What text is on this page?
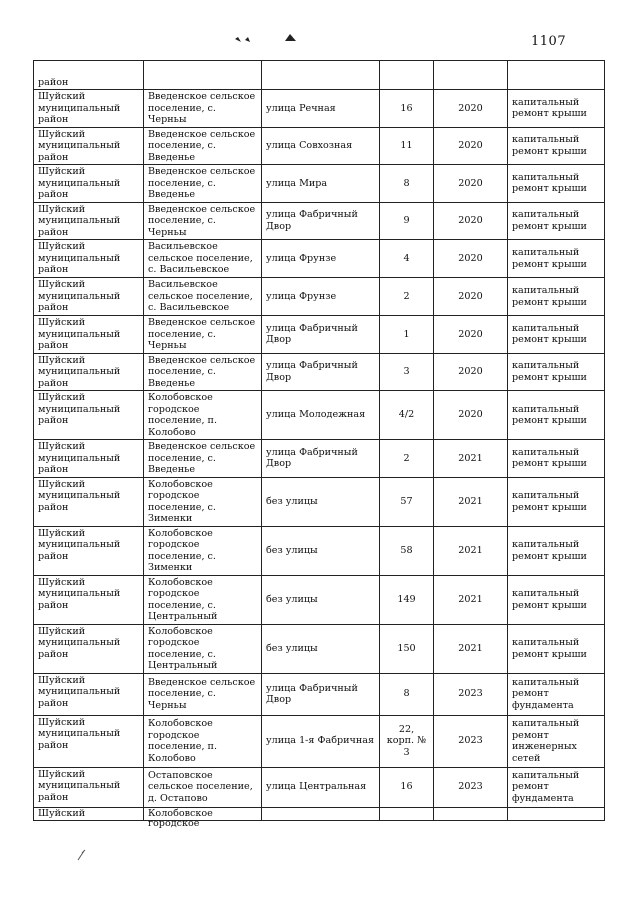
1107
район					
Шуйский муниципальный район	Введенское сельское поселение, с. Черньы	улица Речная	16	2020	капитальный ремонт крыши
Шуйский муниципальный район	Введенское сельское поселение, с. Введенье	улица Совхозная	11	2020	капитальный ремонт крыши
Шуйский муниципальный район	Введенское сельское поселение, с. Введенье	улица Мира	8	2020	капитальный ремонт крыши
Шуйский муниципальный район	Введенское сельское поселение, с. Черньы	улица Фабричный Двор	9	2020	капитальный ремонт крыши
Шуйский муниципальный район	Васильевское сельское поселение, с. Васильевское	улица Фрунзе	4	2020	капитальный ремонт крыши
Шуйский муниципальный район	Васильевское сельское поселение, с. Васильевское	улица Фрунзе	2	2020	капитальный ремонт крыши
Шуйский муниципальный район	Введенское сельское поселение, с. Черньы	улица Фабричный Двор	1	2020	капитальный ремонт крыши
Шуйский муниципальный район	Введенское сельское поселение, с. Введенье	улица Фабричный Двор	3	2020	капитальный ремонт крыши
Шуйский муниципальный район	Колобовское городское поселение, п. Колобово	улица Молодежная	4/2	2020	капитальный ремонт крыши
Шуйский муниципальный район	Введенское сельское поселение, с. Введенье	улица Фабричный Двор	2	2021	капитальный ремонт крыши
Шуйский муниципальный район	Колобовское городское поселение, с. Зименки	без улицы	57	2021	капитальный ремонт крыши
Шуйский муниципальный район	Колобовское городское поселение, с. Зименки	без улицы	58	2021	капитальный ремонт крыши
Шуйский муниципальный район	Колобовское городское поселение, с. Центральный	без улицы	149	2021	капитальный ремонт крыши
Шуйский муниципальный район	Колобовское городское поселение, с. Центральный	без улицы	150	2021	капитальный ремонт крыши
Шуйский муниципальный район	Введенское сельское поселение, с. Черньы	улица Фабричный Двор	8	2023	капитальный ремонт фундамента
Шуйский муниципальный район	Колобовское городское поселение, п. Колобово	улица 1-я Фабричная	22, корп. № 3	2023	капитальный ремонт инженерных сетей
Шуйский муниципальный район	Остаповское сельское поселение, д. Остапово	улица Центральная	16	2023	капитальный ремонт фундамента

Шуйский	Колобовское городское				
